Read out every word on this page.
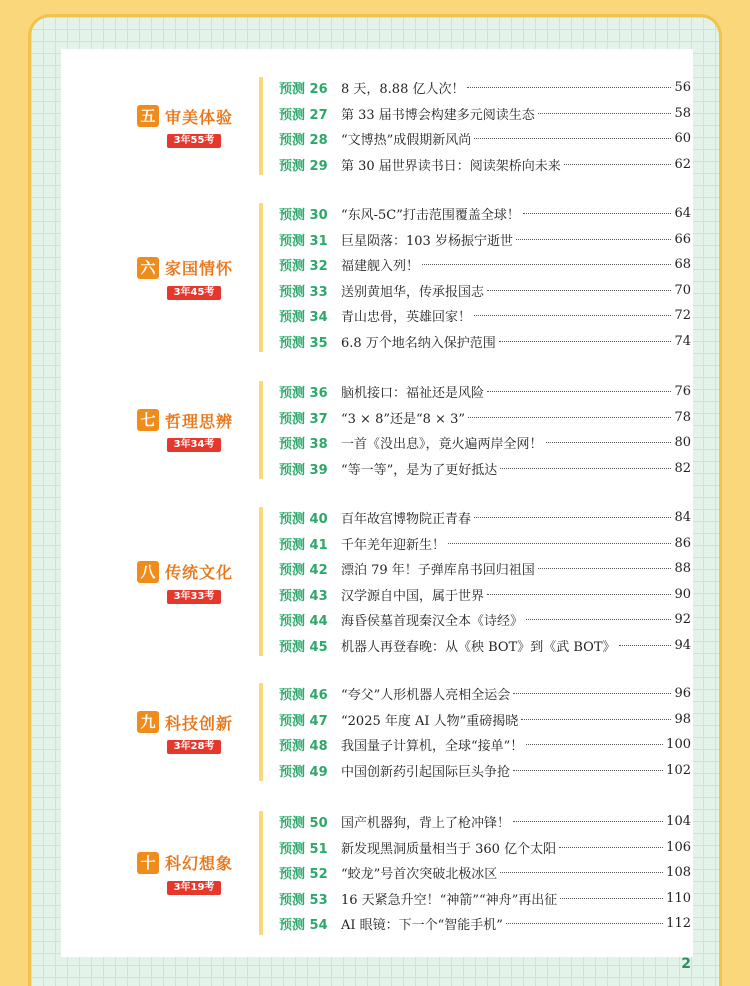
五 审美体验
3年55考
预测 26	8 天，8.88 亿人次！	56
预测 27	第 33 届书博会构建多元阅读生态	58
预测 28	“文博热”成假期新风尚	60
预测 29	第 30 届世界读书日：阅读架桥向未来	62
六 家国情怀
3年45考
预测 30	“东风-5C”打击范围覆盖全球！	64
预测 31	巨星陨落：103 岁杨振宁逝世	66
预测 32	福建舰入列！	68
预测 33	送别黄旭华，传承报国志	70
预测 34	青山忠骨，英雄回家！	72
预测 35	6.8 万个地名纳入保护范围	74
七 哲理思辨
3年34考
预测 36	脑机接口：福祉还是风险	76
预测 37	“3 × 8”还是“8 × 3”	78
预测 38	一首《没出息》，竟火遍两岸全网！	80
预测 39	“等一等”，是为了更好抵达	82
八 传统文化
3年33考
预测 40	百年故宫博物院正青春	84
预测 41	千年羌年迎新生！	86
预测 42	漂泊 79 年！子弹库帛书回归祖国	88
预测 43	汉学源自中国，属于世界	90
预测 44	海昏侯墓首现秦汉全本《诗经》	92
预测 45	机器人再登春晚：从《秧 BOT》到《武 BOT》	94
九 科技创新
3年28考
预测 46	“夸父”人形机器人亮相全运会	96
预测 47	“2025 年度 AI 人物”重磅揭晓	98
预测 48	我国量子计算机，全球“接单”！	100
预测 49	中国创新药引起国际巨头争抢	102
十 科幻想象
3年19考
预测 50	国产机器狗，背上了枪冲锋！	104
预测 51	新发现黑洞质量相当于 360 亿个太阳	106
预测 52	“蛟龙”号首次突破北极冰区	108
预测 53	16 天紧急升空！“神箭”“神舟”再出征	110
预测 54	AI 眼镜：下一个“智能手机”	112
2
